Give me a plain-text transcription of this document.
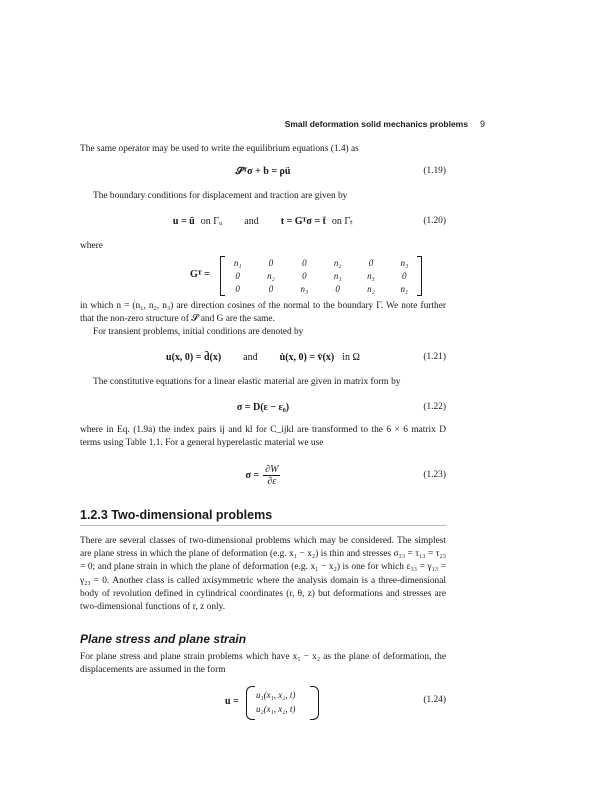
Small deformation solid mechanics problems 9

The same operator may be used to write the equilibrium equations (1.4) as

𝓢ᵀσ + b = ρü	(1.19)

The boundary conditions for displacement and traction are given by

u = ū on Γᵤ and t = Gᵀσ = t̄ on Γₜ	(1.20)

where

Gᵀ =
n₁	0	0	n₂	0	n₃
0	n₂	0	n₁	n₃	0
0	0	n₃	0	n₂	n₁

in which n = (n₁, n₂, n₃) are direction cosines of the normal to the boundary Γ. We note further that the non-zero structure of 𝓢 and G are the same.

For transient problems, initial conditions are denoted by

u(x, 0) = d̄(x) and u̇(x, 0) = v̄(x) in Ω	(1.21)

The constitutive equations for a linear elastic material are given in matrix form by

σ = D(ε − ε₀)	(1.22)

where in Eq. (1.9a) the index pairs ij and kl for C_ijkl are transformed to the 6 × 6 matrix D terms using Table 1.1. For a general hyperelastic material we use

$\sigma = \frac{\partial W}{\partial\varepsilon}$	(1.23)
1.2.3 Two-dimensional problems

There are several classes of two-dimensional problems which may be considered. The simplest are plane stress in which the plane of deformation (e.g. x₁ − x₂) is thin and stresses σ₃₃ = τ₁₃ = τ₂₃ = 0; and plane strain in which the plane of deformation (e.g. x₁ − x₂) is one for which ε₃₃ = γ₁₃ = γ₂₃ = 0. Another class is called axisymmetric where the analysis domain is a three-dimensional body of revolution defined in cylindrical coordinates (r, θ, z) but deformations and stresses are two-dimensional functions of r, z only.

Plane stress and plane strain

For plane stress and plane strain problems which have x₁ − x₂ as the plane of deformation, the displacements are assumed in the form

u =
u₁(x₁, x₂, t)
u₂(x₁, x₂, t)
(1.24)
